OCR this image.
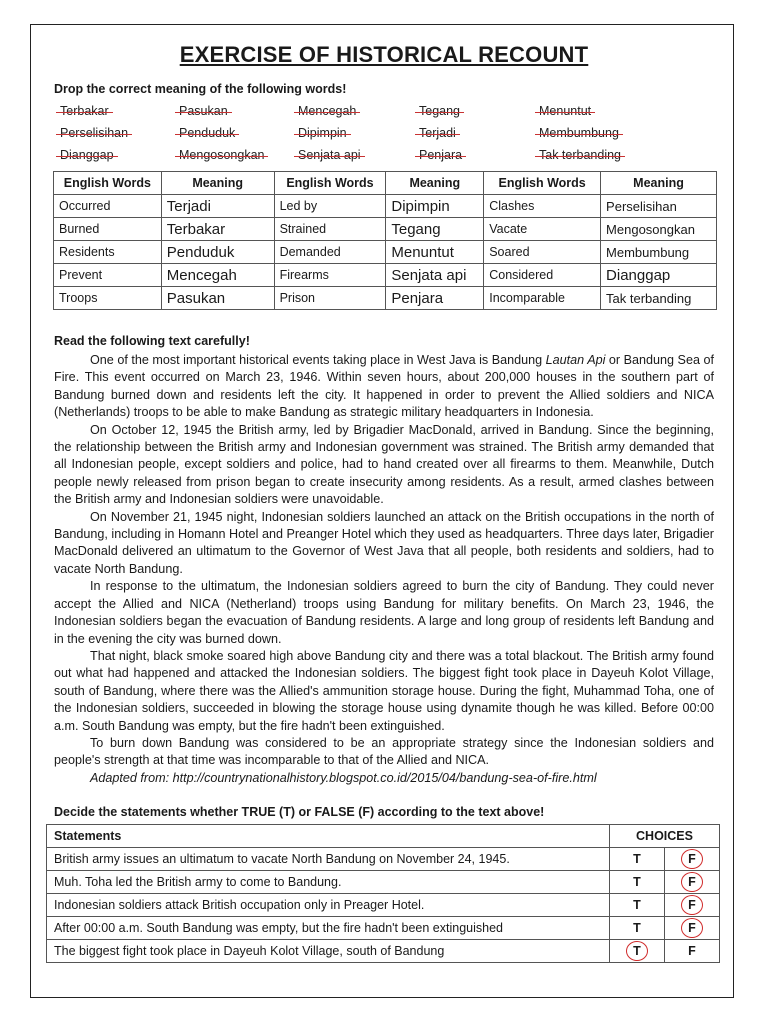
EXERCISE OF HISTORICAL RECOUNT
Drop the correct meaning of the following words!
Terbakar	Pasukan	Mencegah	Tegang	Menuntut
Perselisihan	Penduduk	Dipimpin	Terjadi	Membumbung
Dianggap	Mengosongkan	Senjata api	Penjara	Tak terbanding
English Words	Meaning	English Words	Meaning	English Words	Meaning
Occurred	Terjadi	Led by	Dipimpin	Clashes	Perselisihan
Burned	Terbakar	Strained	Tegang	Vacate	Mengosongkan
Residents	Penduduk	Demanded	Menuntut	Soared	Membumbung
Prevent	Mencegah	Firearms	Senjata api	Considered	Dianggap
Troops	Pasukan	Prison	Penjara	Incomparable	Tak terbanding
Read the following text carefully!

One of the most important historical events taking place in West Java is Bandung Lautan Api or Bandung Sea of Fire. This event occurred on March 23, 1946. Within seven hours, about 200,000 houses in the southern part of Bandung burned down and residents left the city. It happened in order to prevent the Allied soldiers and NICA (Netherlands) troops to be able to make Bandung as strategic military headquarters in Indonesia.

On October 12, 1945 the British army, led by Brigadier MacDonald, arrived in Bandung. Since the beginning, the relationship between the British army and Indonesian government was strained. The British army demanded that all Indonesian people, except soldiers and police, had to hand created over all firearms to them. Meanwhile, Dutch people newly released from prison began to create insecurity among residents. As a result, armed clashes between the British army and Indonesian soldiers were unavoidable.

On November 21, 1945 night, Indonesian soldiers launched an attack on the British occupations in the north of Bandung, including in Homann Hotel and Preanger Hotel which they used as headquarters. Three days later, Brigadier MacDonald delivered an ultimatum to the Governor of West Java that all people, both residents and soldiers, had to vacate North Bandung.

In response to the ultimatum, the Indonesian soldiers agreed to burn the city of Bandung. They could never accept the Allied and NICA (Netherland) troops using Bandung for military benefits. On March 23, 1946, the Indonesian soldiers began the evacuation of Bandung residents. A large and long group of residents left Bandung and in the evening the city was burned down.

That night, black smoke soared high above Bandung city and there was a total blackout. The British army found out what had happened and attacked the Indonesian soldiers. The biggest fight took place in Dayeuh Kolot Village, south of Bandung, where there was the Allied's ammunition storage house. During the fight, Muhammad Toha, one of the Indonesian soldiers, succeeded in blowing the storage house using dynamite though he was killed. Before 00:00 a.m. South Bandung was empty, but the fire hadn't been extinguished.

To burn down Bandung was considered to be an appropriate strategy since the Indonesian soldiers and people's strength at that time was incomparable to that of the Allied and NICA.

Adapted from: http://countrynationalhistory.blogspot.co.id/2015/04/bandung-sea-of-fire.html

Decide the statements whether TRUE (T) or FALSE (F) according to the text above!
Statements	CHOICES	
British army issues an ultimatum to vacate North Bandung on November 24, 1945.	T	F
Muh. Toha led the British army to come to Bandung.	T	F
Indonesian soldiers attack British occupation only in Preager Hotel.	T	F
After 00:00 a.m. South Bandung was empty, but the fire hadn't been extinguished	T	F
The biggest fight took place in Dayeuh Kolot Village, south of Bandung	T	F
